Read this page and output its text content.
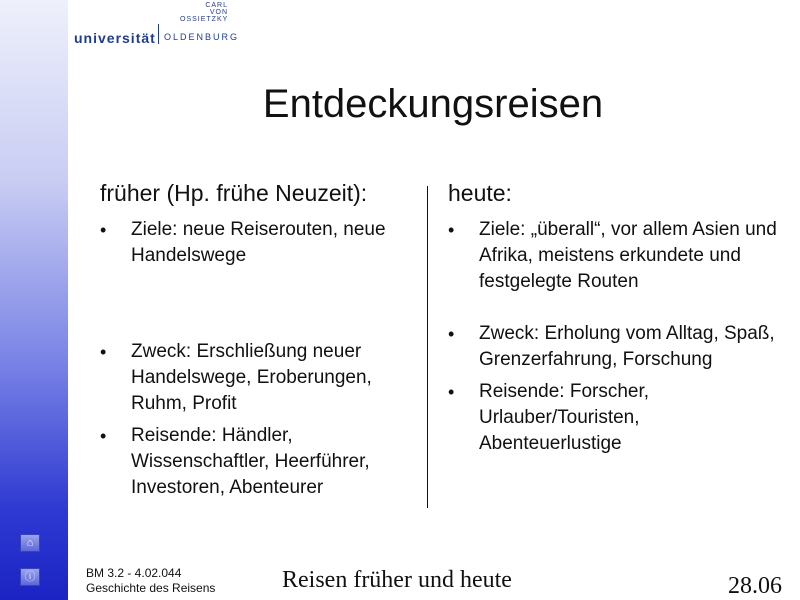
⌂
ⓘ
CARL
VON
OSSIETZKY
universität OLDENBURG
Entdeckungsreisen
früher (Hp. frühe Neuzeit):
• Ziele: neue Reiserouten, neue Handelswege
• Zweck: Erschließung neuer Handelswege, Eroberungen, Ruhm, Profit
• Reisende: Händler, Wissenschaftler, Heerführer, Investoren, Abenteurer
heute:
• Ziele: „überall“, vor allem Asien und Afrika, meistens erkundete und festgelegte Routen
• Zweck: Erholung vom Alltag, Spaß, Grenzerfahrung, Forschung
• Reisende: Forscher, Urlauber/Touristen, Abenteuerlustige
BM 3.2 - 4.02.044
Geschichte des Reisens	Reisen früher und heute	28.06
